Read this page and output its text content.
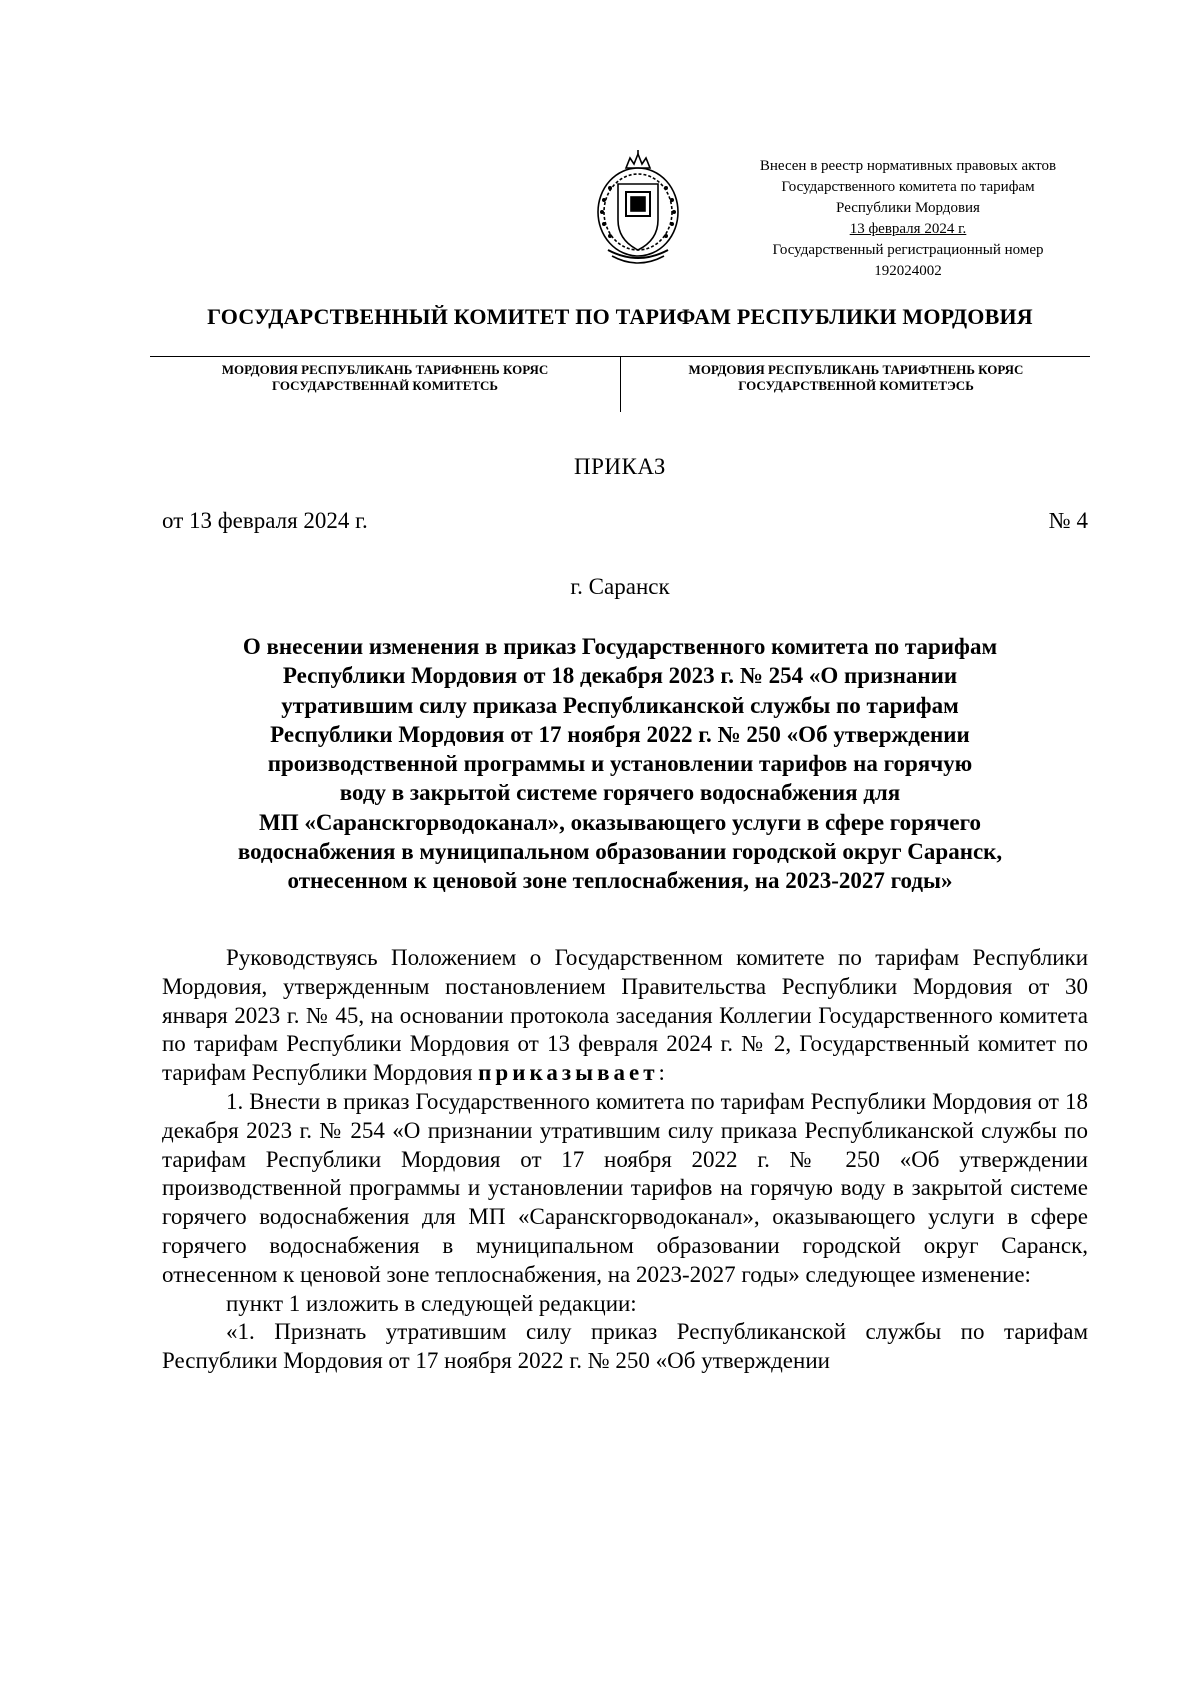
Внесен в реестр нормативных правовых актов
Государственного комитета по тарифам
Республики Мордовия
13 февраля 2024 г.
Государственный регистрационный номер
192024002
ГОСУДАРСТВЕННЫЙ КОМИТЕТ ПО ТАРИФАМ РЕСПУБЛИКИ МОРДОВИЯ
МОРДОВИЯ РЕСПУБЛИКАНЬ ТАРИФНЕНЬ КОРЯС
ГОСУДАРСТВЕННАЙ КОМИТЕТСЬ
МОРДОВИЯ РЕСПУБЛИКАНЬ ТАРИФТНЕНЬ КОРЯС
ГОСУДАРСТВЕННОЙ КОМИТЕТЭСЬ
ПРИКАЗ
от 13 февраля 2024 г.	№ 4
г. Саранск
О внесении изменения в приказ Государственного комитета по тарифам
Республики Мордовия от 18 декабря 2023 г. № 254 «О признании
утратившим силу приказа Республиканской службы по тарифам
Республики Мордовия от 17 ноября 2022 г. № 250 «Об утверждении
производственной программы и установлении тарифов на горячую
воду в закрытой системе горячего водоснабжения для
МП «Саранскгорводоканал», оказывающего услуги в сфере горячего
водоснабжения в муниципальном образовании городской округ Саранск,
отнесенном к ценовой зоне теплоснабжения, на 2023-2027 годы»

Руководствуясь Положением о Государственном комитете по тарифам Республики Мордовия, утвержденным постановлением Правительства Республики Мордовия от 30 января 2023 г. № 45, на основании протокола заседания Коллегии Государственного комитета по тарифам Республики Мордовия от 13 февраля 2024 г. № 2, Государственный комитет по тарифам Республики Мордовия приказывает:

1. Внести в приказ Государственного комитета по тарифам Республики Мордовия от 18 декабря 2023 г. № 254 «О признании утратившим силу приказа Республиканской службы по тарифам Республики Мордовия от 17 ноября 2022 г. № 250 «Об утверждении производственной программы и установлении тарифов на горячую воду в закрытой системе горячего водоснабжения для МП «Саранскгорводоканал», оказывающего услуги в сфере горячего водоснабжения в муниципальном образовании городской округ Саранск, отнесенном к ценовой зоне теплоснабжения, на 2023-2027 годы» следующее изменение:

пункт 1 изложить в следующей редакции:

«1. Признать утратившим силу приказ Республиканской службы по тарифам Республики Мордовия от 17 ноября 2022 г. № 250 «Об утверждении
